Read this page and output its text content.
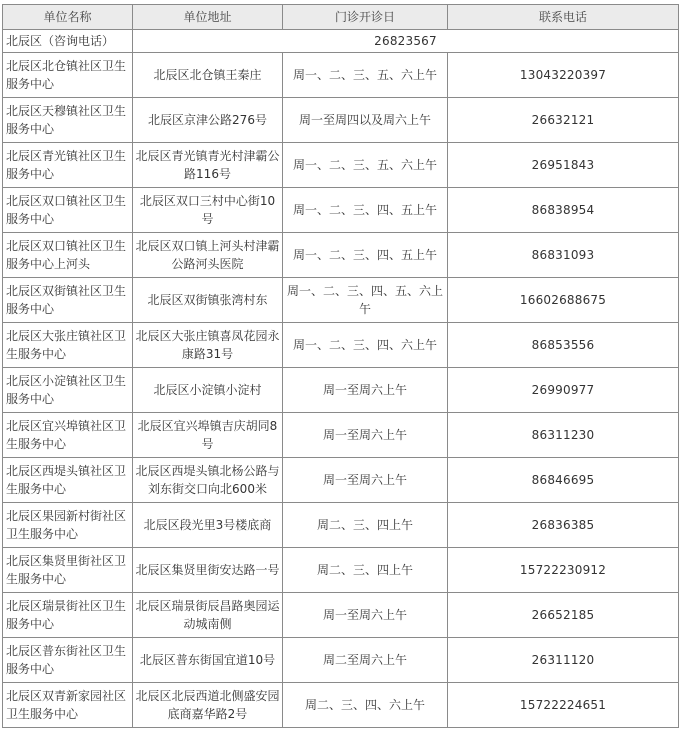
单位名称	单位地址	门诊开诊日	联系电话
北辰区（咨询电话）	26823567		
北辰区北仓镇社区卫生服务中心	北辰区北仓镇王秦庄	周一、二、三、五、六上午	13043220397
北辰区天穆镇社区卫生服务中心	北辰区京津公路276号	周一至周四以及周六上午	26632121
北辰区青光镇社区卫生服务中心	北辰区青光镇青光村津霸公路116号	周一、二、三、五、六上午	26951843
北辰区双口镇社区卫生服务中心	北辰区双口三村中心街10号	周一、二、三、四、五上午	86838954
北辰区双口镇社区卫生服务中心上河头	北辰区双口镇上河头村津霸公路河头医院	周一、二、三、四、五上午	86831093
北辰区双街镇社区卫生服务中心	北辰区双街镇张湾村东	周一、二、三、四、五、六上午	16602688675
北辰区大张庄镇社区卫生服务中心	北辰区大张庄镇喜凤花园永康路31号	周一、二、三、四、六上午	86853556
北辰区小淀镇社区卫生服务中心	北辰区小淀镇小淀村	周一至周六上午	26990977
北辰区宜兴埠镇社区卫生服务中心	北辰区宜兴埠镇吉庆胡同8号	周一至周六上午	86311230
北辰区西堤头镇社区卫生服务中心	北辰区西堤头镇北杨公路与刘东街交口向北600米	周一至周六上午	86846695
北辰区果园新村街社区卫生服务中心	北辰区段光里3号楼底商	周二、三、四上午	26836385
北辰区集贤里街社区卫生服务中心	北辰区集贤里街安达路一号	周二、三、四上午	15722230912
北辰区瑞景街社区卫生服务中心	北辰区瑞景街辰昌路奥园运动城南侧	周一至周六上午	26652185
北辰区普东街社区卫生服务中心	北辰区普东街国宜道10号	周二至周六上午	26311120
北辰区双青新家园社区卫生服务中心	北辰区北辰西道北侧盛安园底商嘉华路2号	周二、三、四、六上午	15722224651
